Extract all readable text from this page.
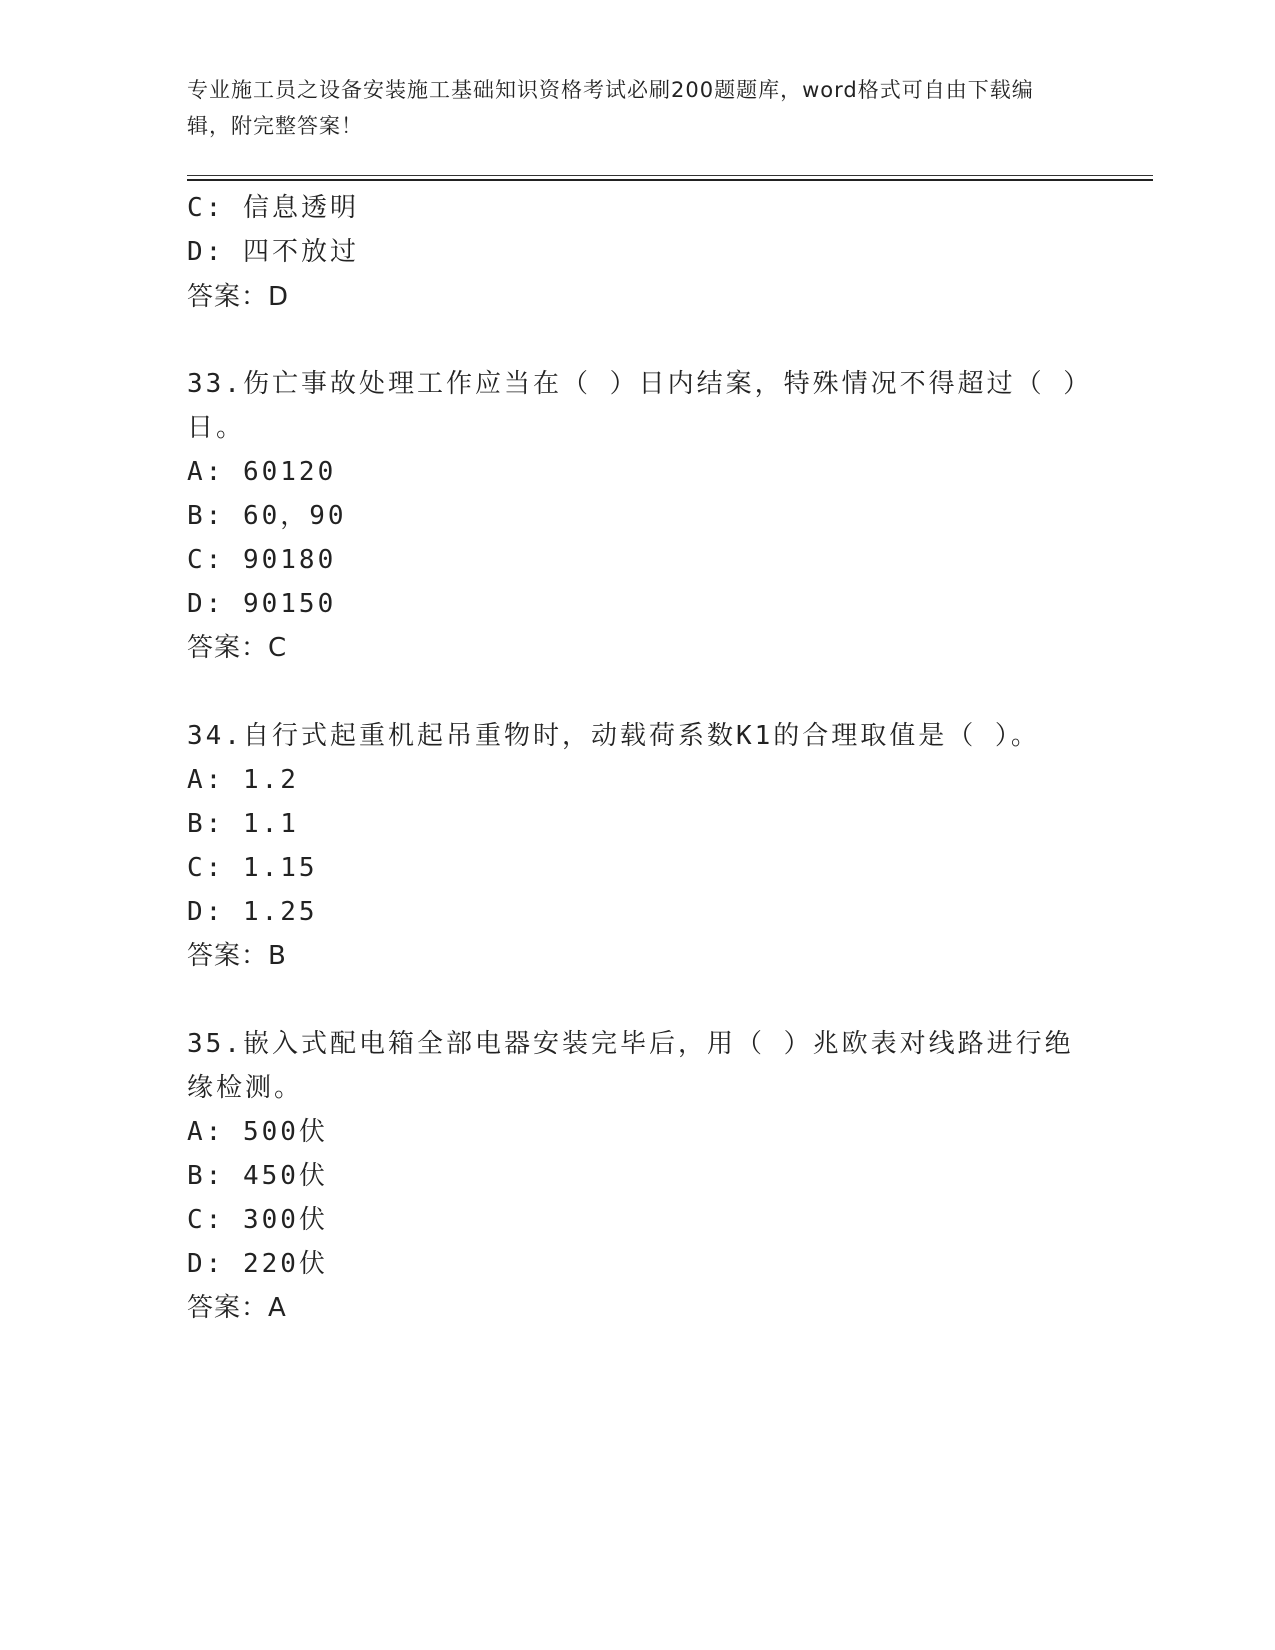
专业施工员之设备安装施工基础知识资格考试必刷200题题库，word格式可自由下载编辑，附完整答案！
C: 信息透明
D: 四不放过
答案：D
33.伤亡事故处理工作应当在（ ）日内结案，特殊情况不得超过（ ）
日。
A: 60120
B: 60，90
C: 90180
D: 90150
答案：C
34.自行式起重机起吊重物时，动载荷系数K1的合理取值是（ ）。
A: 1.2
B: 1.1
C: 1.15
D: 1.25
答案：B
35.嵌入式配电箱全部电器安装完毕后，用（ ）兆欧表对线路进行绝
缘检测。
A: 500伏
B: 450伏
C: 300伏
D: 220伏
答案：A
